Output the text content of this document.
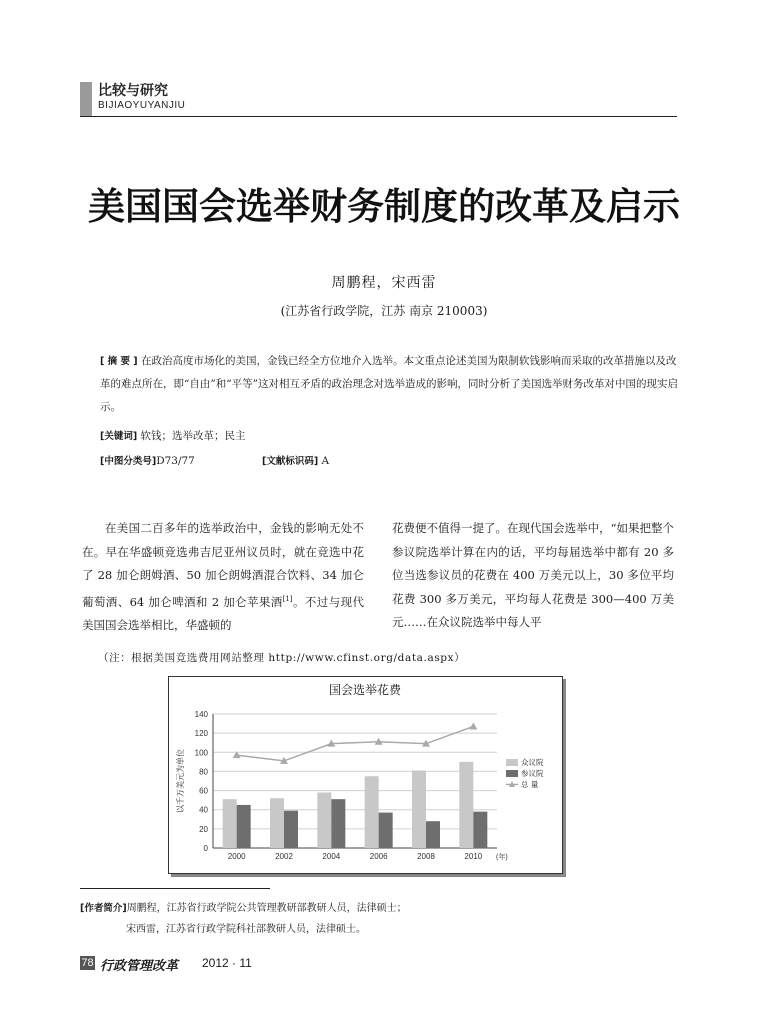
比较与研究
BIJIAOYUYANJIU
美国国会选举财务制度的改革及启示
周鹏程，宋西雷
(江苏省行政学院，江苏 南京 210003)

[ 摘 要 ] 在政治高度市场化的美国，金钱已经全方位地介入选举。本文重点论述美国为限制软钱影响而采取的改革措施以及改革的难点所在，即“自由”和“平等”这对相互矛盾的政治理念对选举造成的影响，同时分析了美国选举财务改革对中国的现实启示。

[关键词] 软钱；选举改革；民主

[中图分类号]D73/77	[文献标识码] A

在美国二百多年的选举政治中，金钱的影响无处不在。早在华盛顿竞选弗吉尼亚州议员时，就在竞选中花了 28 加仑朗姆酒、50 加仑朗姆酒混合饮料、34 加仑葡萄酒、64 加仑啤酒和 2 加仑苹果酒[1]。不过与现代美国国会选举相比，华盛顿的

花费便不值得一提了。在现代国会选举中，“如果把整个参议院选举计算在内的话，平均每届选举中都有 20 多位当选参议员的花费在 400 万美元以上，30 多位平均花费 300 多万美元，平均每人花费是 300—400 万美元……在众议院选举中每人平

（注：根据美国竞选费用网站整理 http://www.cfinst.org/data.aspx）
国会选举花费
0
20
40
60
80
100
120
140
以千万美元为单位
2000	2002	2004	2006	2008	2010 (年)
众议院
参议院
总 量

[作者简介]周鹏程，江苏省行政学院公共管理教研部教研人员，法律硕士；

宋西雷，江苏省行政学院科社部教研人员，法律硕士。

78 行政管理改革 2012 · 11
